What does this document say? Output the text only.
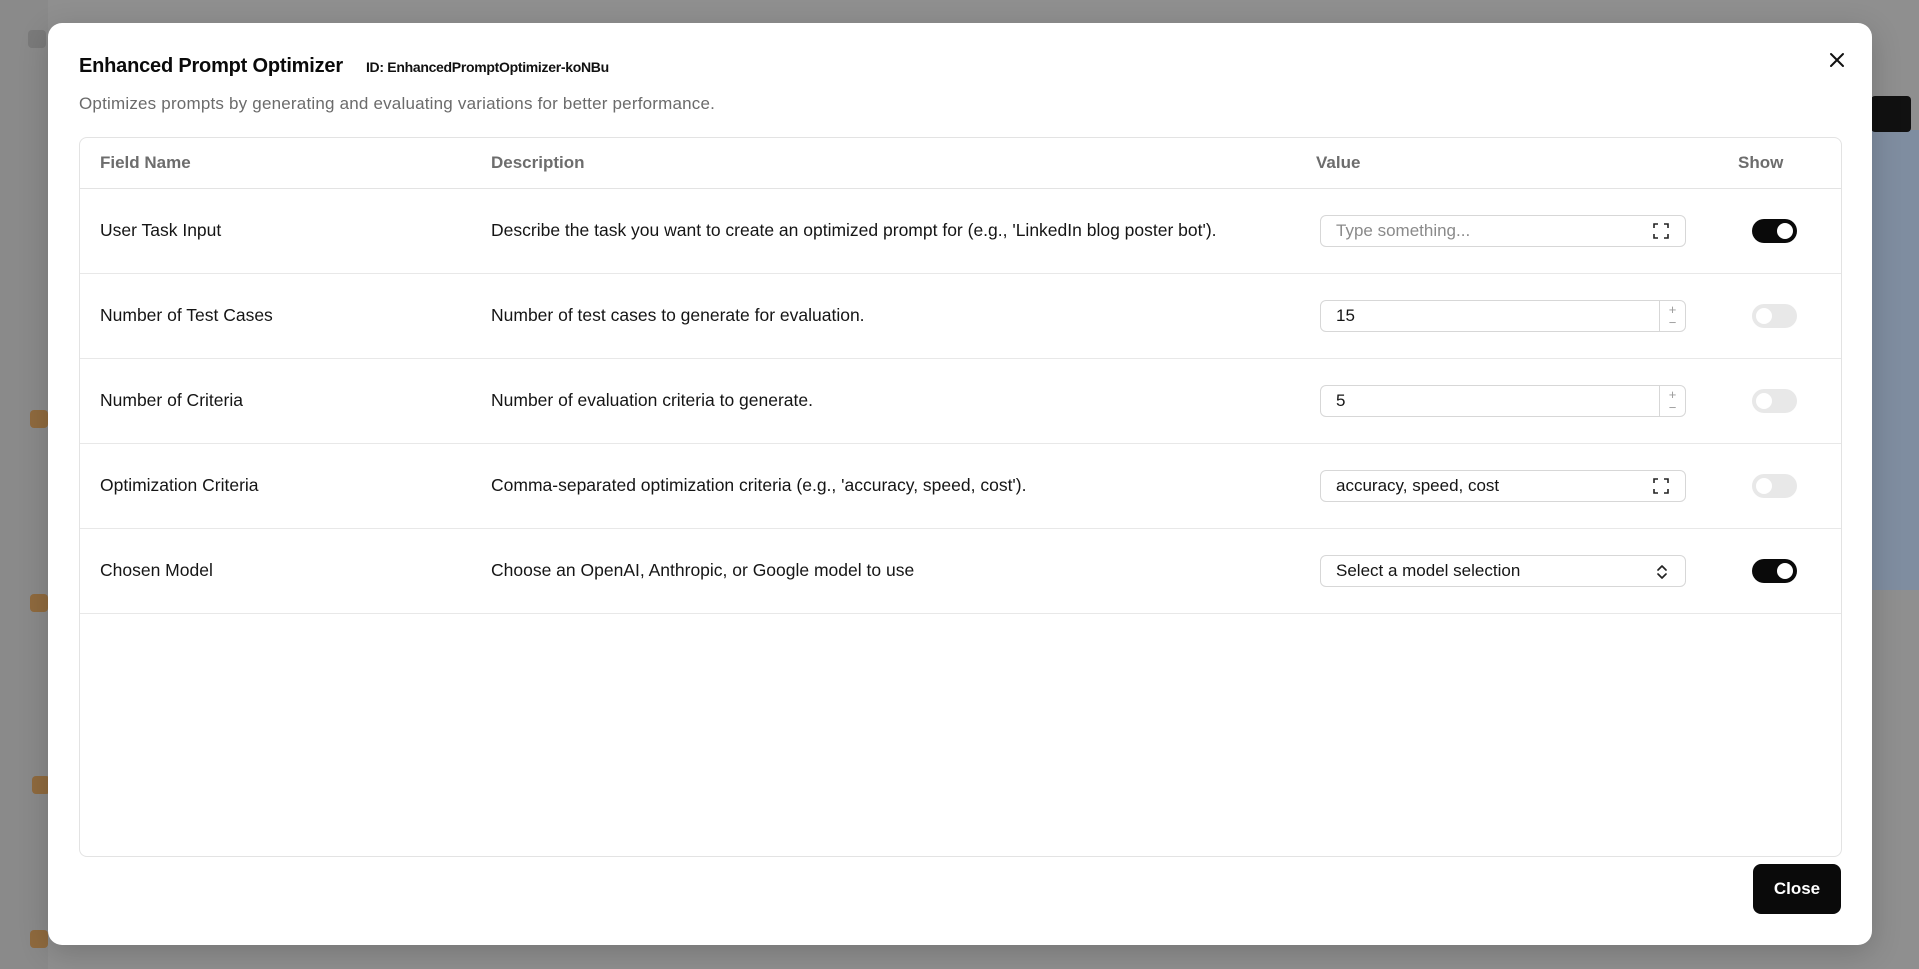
Enhanced Prompt Optimizer ID: EnhancedPromptOptimizer-koNBu
Optimizes prompts by generating and evaluating variations for better performance.
Field Name	Description	Value	Show
User Task Input	Describe the task you want to create an optimized prompt for (e.g., 'LinkedIn blog poster bot').	Type something...	

Number of Test Cases	Number of test cases to generate for evaluation.	15 +
−	

Number of Criteria	Number of evaluation criteria to generate.	5 +
−	

Optimization Criteria	Comma-separated optimization criteria (e.g., 'accuracy, speed, cost').	accuracy, speed, cost	

Chosen Model	Choose an OpenAI, Anthropic, or Google model to use	Select a model selection	

Close
